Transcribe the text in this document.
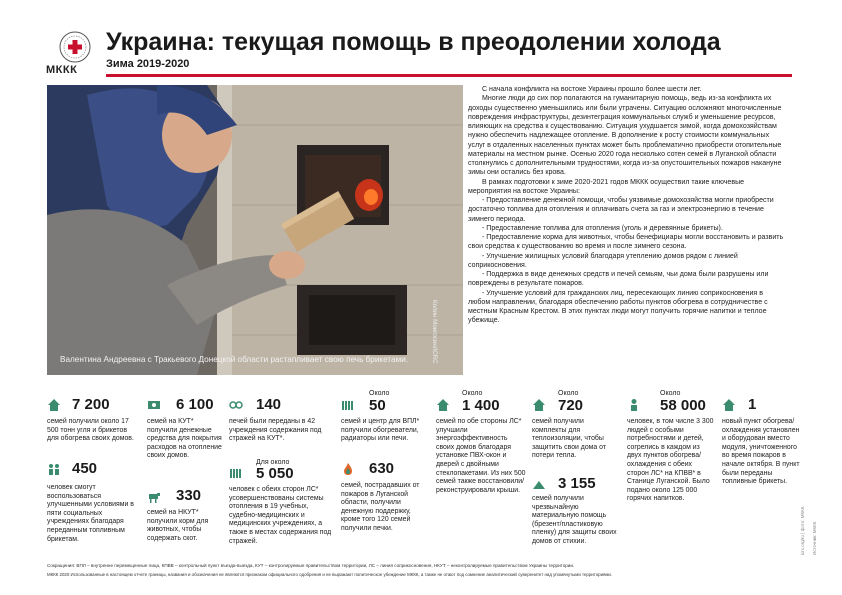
МККК
Украина: текущая помощь в преодолении холода
Зима 2019-2020
Валентина Андреевна с Тракьевого Донецкой области растапливает свою печь брикетами.	Колин Моигосин/ICRC

С начала конфликта на востоке Украины прошло более шести лет.

Многие люди до сих пор полагаются на гуманитарную помощь, ведь из-за конфликта их доходы существенно уменьшились или были утрачены. Ситуацию осложняют многочисленные повреждения инфраструктуры, дезинтеграция коммунальных служб и уменьшение ресурсов, влияющих на средства к существованию. Ситуация ухудшается зимой, когда домохозяйствам нужно обеспечить надлежащее отопление. В дополнение к росту стоимости коммунальных услуг в отдаленных населенных пунктах может быть проблематично приобрести отопительные материалы на местном рынке. Осенью 2020 года несколько сотен семей в Луганской области столкнулись с дополнительными трудностями, когда из-за опустошительных пожаров накануне зимы они остались без крова.

В рамках подготовки к зиме 2020-2021 годов МККК осуществил такие ключевые мероприятия на востоке Украины:

- Предоставление денежной помощи, чтобы уязвимые домохозяйства могли приобрести достаточно топлива для отопления и оплачивать счета за газ и электроэнергию в течение зимнего периода.

- Предоставление топлива для отопления (уголь и деревянные брикеты).

- Предоставление корма для животных, чтобы бенефициары могли восстановить и развить свои средства к существованию во время и после зимнего сезона.

- Улучшение жилищных условий благодаря утеплению домов рядом с линией соприкосновения.

- Поддержка в виде денежных средств и печей семьям, чьи дома были разрушены или повреждены в результате пожаров.

- Улучшение условий для гражданских лиц, пересекающих линию соприкосновения в любом направлении, благодаря обеспечению работы пунктов обогрева в сотрудничестве с местным Красным Крестом. В этих пунктах люди могут получить горячие напитки и теплое убежище.

7 200
семей получили около 17 500 тонн угля и брикетов для обогрева своих домов.
450
человек смогут воспользоваться улучшенными условиями в пяти социальных учреждениях благодаря переданным топливным брикетам.
6 100
семей на КУТ* получили денежные средства для покрытия расходов на отопление своих домов.
330
семей на НКУТ* получили корм для животных, чтобы содержать скот.
140
печей были переданы в 42 учреждения содержания под стражей на КУТ*.
Для около
5 050
человек с обеих сторон ЛС* усовершенствованы системы отопления в 19 учебных, судебно-медицинских и медицинских учреждениях, а также в местах содержания под стражей.
Около
50
семей и центр для ВПЛ* получили обогреватели, радиаторы или печи.
630
семей, пострадавших от пожаров в Луганской области, получили денежную поддержку, кроме того 120 семей получили печки.
Около
1 400
семей по обе стороны ЛС* улучшили энергоэффективность своих домов благодаря установке ПВХ-окон и дверей с двойными стеклопакетами. Из них 500 семей также восстановили/реконструировали крыши.
Около
720
семей получили комплекты для теплоизоляции, чтобы защитить свои дома от потери тепла.
3 155
семей получили чрезвычайную материальную помощь (брезент/пластиковую пленку) для защиты своих домов от стихии.
Около
58 000
человек, в том числе 3 300 людей с особыми потребностями и детей, согрелись в каждом из двух пунктов обогрева/охлаждения с обеих сторон ЛС* на КПВВ* в Станице Луганской. Было подано около 125 000 горячих напитков.
1
новый пункт обогрева/охлаждения установлен и оборудован вместо модуля, уничтоженного во время пожаров в начале октября. В пункт были переданы топливные брикеты.
Источник: МККК
icrc.org/ru | фото: МККК
Сокращения: ВПЛ – внутренне перемещенные лица, КПВВ – контрольный пункт въезда-выезда, КУТ – контролируемые правительством территории, ЛС – линия соприкосновения, НКУТ – неконтролируемые правительством Украины территории.
МККК 2020 Использованные в настоящем отчете границы, названия и обозначения не являются признаком официального одобрения и не выражают политическое убеждение МККК, а также не отают под сомнение аналитический суверенитет над упомянутыми территориями.
